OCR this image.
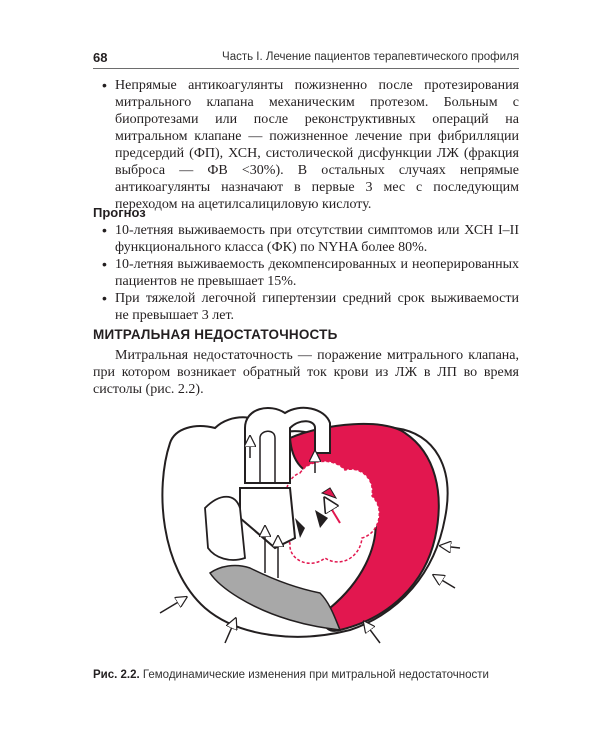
68	Часть I. Лечение пациентов терапевтического профиля
• Непрямые антикоагулянты пожизненно после протезирования митрального клапана механическим протезом. Больным с биопротезами или после реконструктивных операций на митральном клапане — пожизненное лечение при фибрилляции предсердий (ФП), ХСН, систолической дисфункции ЛЖ (фракция выброса — ФВ <30%). В остальных случаях непрямые антикоагулянты назначают в первые 3 мес с последующим переходом на ацетилсалициловую кислоту.
Прогноз
• 10-летняя выживаемость при отсутствии симптомов или ХСН I–II функционального класса (ФК) по NYHA более 80%.
• 10-летняя выживаемость декомпенсированных и неоперированных пациентов не превышает 15%.
• При тяжелой легочной гипертензии средний срок выживаемости не превышает 3 лет.
МИТРАЛЬНАЯ НЕДОСТАТОЧНОСТЬ

Митральная недостаточность — поражение митрального клапана, при котором возникает обратный ток крови из ЛЖ в ЛП во время систолы (рис. 2.2).

Рис. 2.2. Гемодинамические изменения при митральной недостаточности
